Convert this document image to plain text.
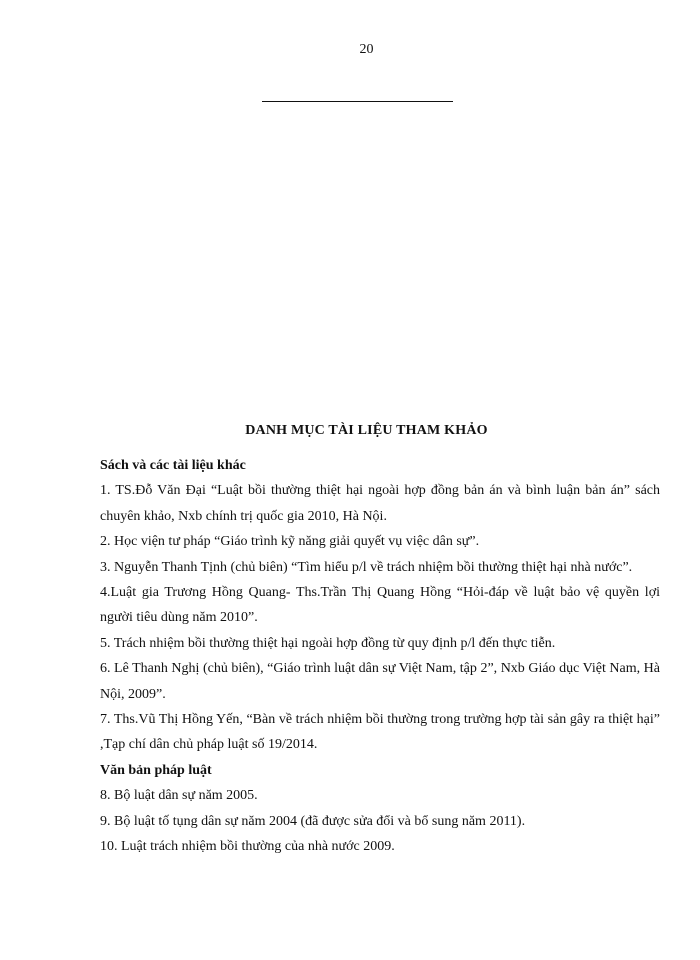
20
DANH MỤC TÀI LIỆU THAM KHẢO
Sách và các tài liệu khác
1. TS.Đỗ Văn Đại “Luật bồi thường thiệt hại ngoài hợp đồng bản án và bình luận bản án” sách chuyên khảo, Nxb chính trị quốc gia 2010, Hà Nội.
2. Học viện tư pháp “Giáo trình kỹ năng giải quyết vụ việc dân sự”.
3. Nguyễn Thanh Tịnh (chủ biên) “Tìm hiểu p/l về trách nhiệm bồi thường thiệt hại nhà nước”.
4.Luật gia Trương Hồng Quang- Ths.Trần Thị Quang Hồng “Hỏi-đáp về luật bảo vệ quyền lợi người tiêu dùng năm 2010”.
5. Trách nhiệm bồi thường thiệt hại ngoài hợp đồng từ quy định p/l đến thực tiễn.
6. Lê Thanh Nghị (chủ biên), “Giáo trình luật dân sự Việt Nam, tập 2”, Nxb Giáo dục Việt Nam, Hà Nội, 2009”.
7. Ths.Vũ Thị Hồng Yến, “Bàn về trách nhiệm bồi thường trong trường hợp tài sản gây ra thiệt hại” ,Tạp chí dân chủ pháp luật số 19/2014.
Văn bản pháp luật
8. Bộ luật dân sự năm 2005.
9. Bộ luật tố tụng dân sự năm 2004 (đã được sửa đổi và bổ sung năm 2011).
10. Luật trách nhiệm bồi thường của nhà nước 2009.
